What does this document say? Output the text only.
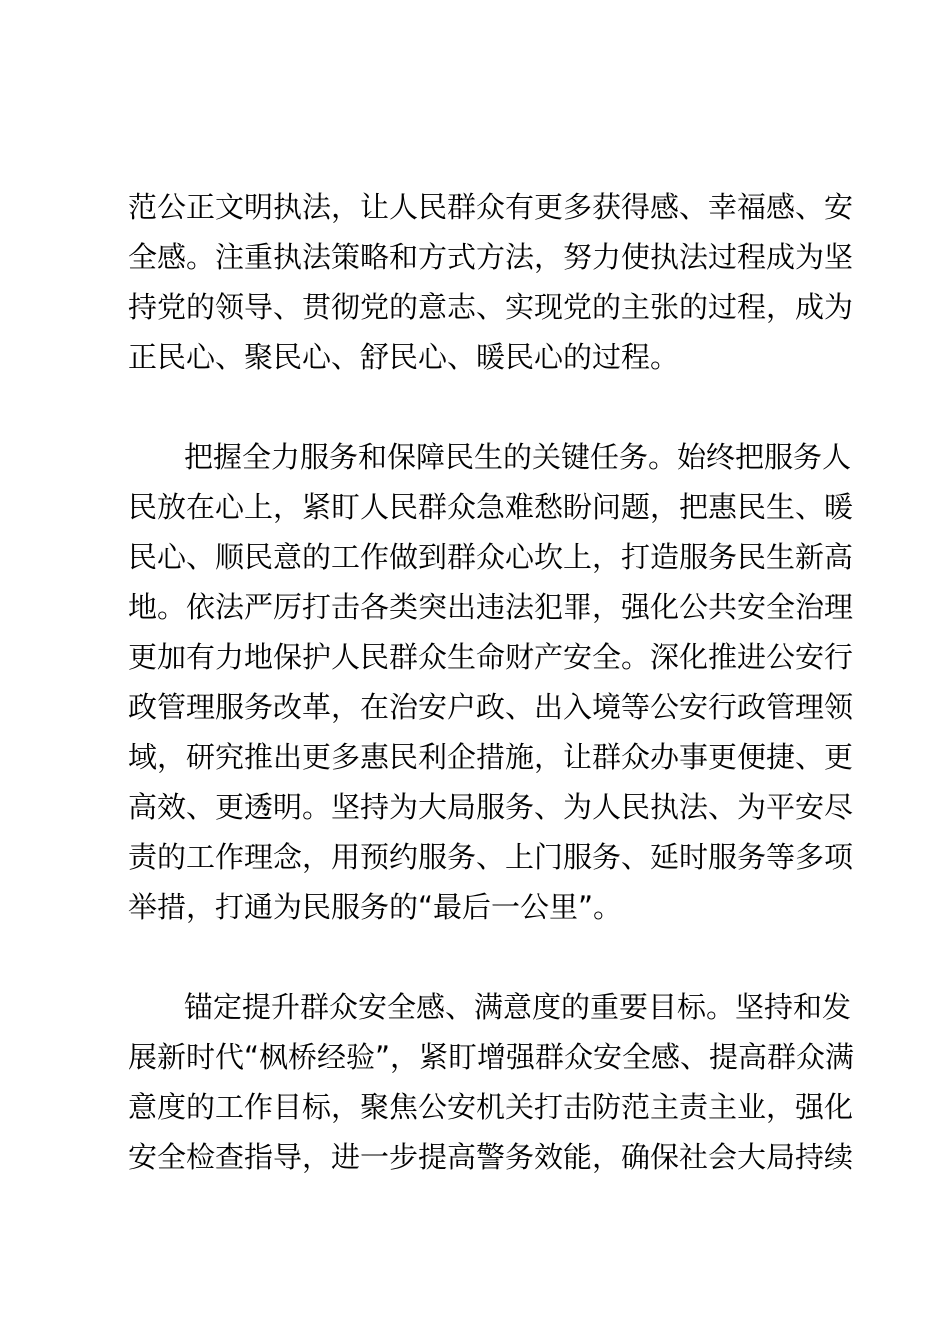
范公正文明执法，让人民群众有更多获得感、幸福感、安
全感。注重执法策略和方式方法，努力使执法过程成为坚
持党的领导、贯彻党的意志、实现党的主张的过程，成为
正民心、聚民心、舒民心、暖民心的过程。

把握全力服务和保障民生的关键任务。始终把服务人
民放在心上，紧盯人民群众急难愁盼问题，把惠民生、暖
民心、顺民意的工作做到群众心坎上，打造服务民生新高
地。依法严厉打击各类突出违法犯罪，强化公共安全治理
更加有力地保护人民群众生命财产安全。深化推进公安行
政管理服务改革，在治安户政、出入境等公安行政管理领
域，研究推出更多惠民利企措施，让群众办事更便捷、更
高效、更透明。坚持为大局服务、为人民执法、为平安尽
责的工作理念，用预约服务、上门服务、延时服务等多项
举措，打通为民服务的“最后一公里”。

锚定提升群众安全感、满意度的重要目标。坚持和发
展新时代“枫桥经验”，紧盯增强群众安全感、提高群众满
意度的工作目标，聚焦公安机关打击防范主责主业，强化
安全检查指导，进一步提高警务效能，确保社会大局持续
